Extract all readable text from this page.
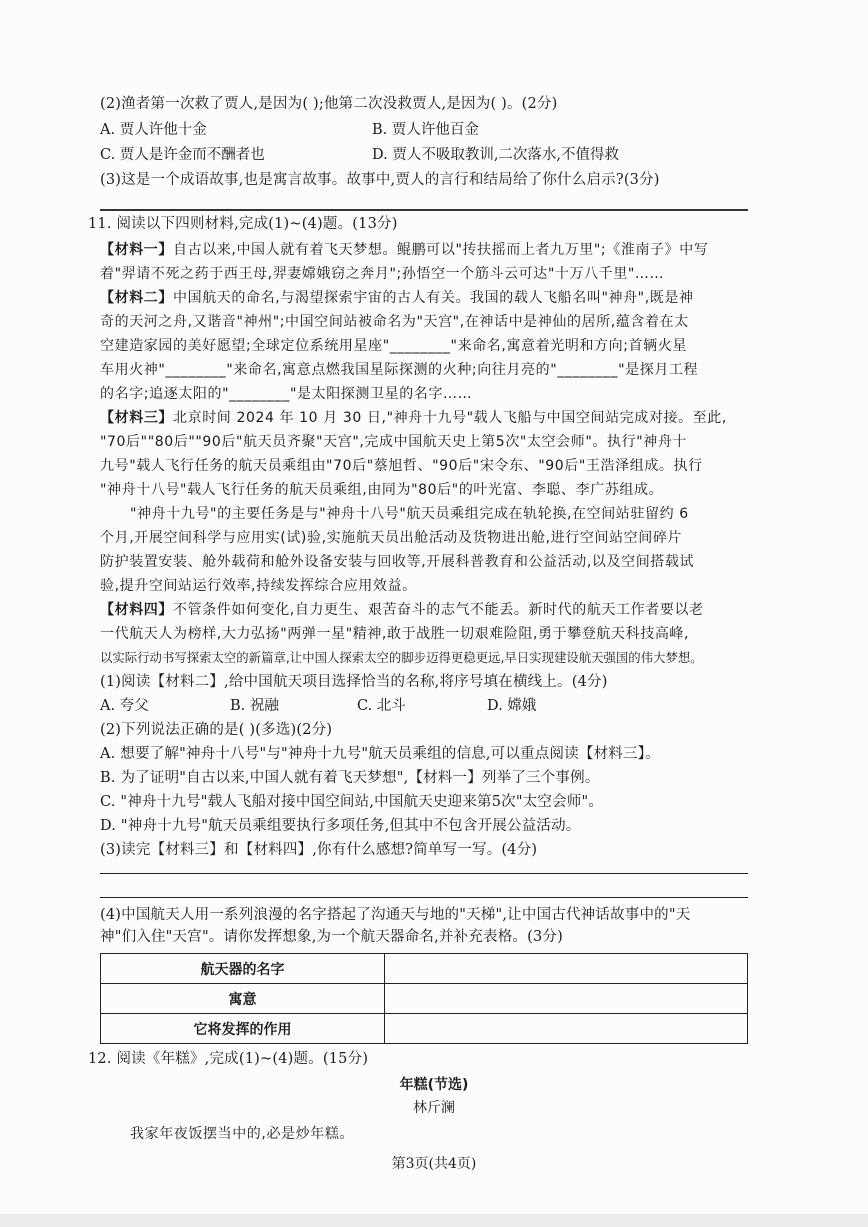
(2)渔者第一次救了贾人,是因为( );他第二次没救贾人,是因为( )。(2分)
A. 贾人许他十金	B. 贾人许他百金
C. 贾人是许金而不酬者也	D. 贾人不吸取教训,二次落水,不值得救
(3)这是一个成语故事,也是寓言故事。故事中,贾人的言行和结局给了你什么启示?(3分)
11. 阅读以下四则材料,完成(1)~(4)题。(13分)
【材料一】自古以来,中国人就有着飞天梦想。鲲鹏可以"抟扶摇而上者九万里";《淮南子》中写
着"羿请不死之药于西王母,羿妻嫦娥窃之奔月";孙悟空一个筋斗云可达"十万八千里"……
【材料二】中国航天的命名,与渴望探索宇宙的古人有关。我国的载人飞船名叫"神舟",既是神
奇的天河之舟,又谐音"神州";中国空间站被命名为"天宫",在神话中是神仙的居所,蕴含着在太
空建造家园的美好愿望;全球定位系统用星座"________"来命名,寓意着光明和方向;首辆火星
车用火神"________"来命名,寓意点燃我国星际探测的火种;向往月亮的"________"是探月工程
的名字;追逐太阳的"________"是太阳探测卫星的名字……
【材料三】北京时间 2024 年 10 月 30 日,"神舟十九号"载人飞船与中国空间站完成对接。至此,
"70后""80后""90后"航天员齐聚"天宫",完成中国航天史上第5次"太空会师"。执行"神舟十
九号"载人飞行任务的航天员乘组由"70后"蔡旭哲、"90后"宋令东、"90后"王浩泽组成。执行
"神舟十八号"载人飞行任务的航天员乘组,由同为"80后"的叶光富、李聪、李广苏组成。
"神舟十九号"的主要任务是与"神舟十八号"航天员乘组完成在轨轮换,在空间站驻留约 6
个月,开展空间科学与应用实(试)验,实施航天员出舱活动及货物进出舱,进行空间站空间碎片
防护装置安装、舱外载荷和舱外设备安装与回收等,开展科普教育和公益活动,以及空间搭载试
验,提升空间站运行效率,持续发挥综合应用效益。
【材料四】不管条件如何变化,自力更生、艰苦奋斗的志气不能丢。新时代的航天工作者要以老
一代航天人为榜样,大力弘扬"两弹一星"精神,敢于战胜一切艰难险阻,勇于攀登航天科技高峰,
以实际行动书写探索太空的新篇章,让中国人探索太空的脚步迈得更稳更远,早日实现建设航天强国的伟大梦想。
(1)阅读【材料二】,给中国航天项目选择恰当的名称,将序号填在横线上。(4分)
A. 夸父	B. 祝融	C. 北斗	D. 嫦娥
(2)下列说法正确的是( )(多选)(2分)
A. 想要了解"神舟十八号"与"神舟十九号"航天员乘组的信息,可以重点阅读【材料三】。
B. 为了证明"自古以来,中国人就有着飞天梦想",【材料一】列举了三个事例。
C. "神舟十九号"载人飞船对接中国空间站,中国航天史迎来第5次"太空会师"。
D. "神舟十九号"航天员乘组要执行多项任务,但其中不包含开展公益活动。
(3)读完【材料三】和【材料四】,你有什么感想?简单写一写。(4分)
(4)中国航天人用一系列浪漫的名字搭起了沟通天与地的"天梯",让中国古代神话故事中的"天
神"们入住"天宫"。请你发挥想象,为一个航天器命名,并补充表格。(3分)
航天器的名字	
寓意	
它将发挥的作用	
12. 阅读《年糕》,完成(1)~(4)题。(15分)
年糕(节选)
林斤澜
我家年夜饭摆当中的,必是炒年糕。
第3页(共4页)
